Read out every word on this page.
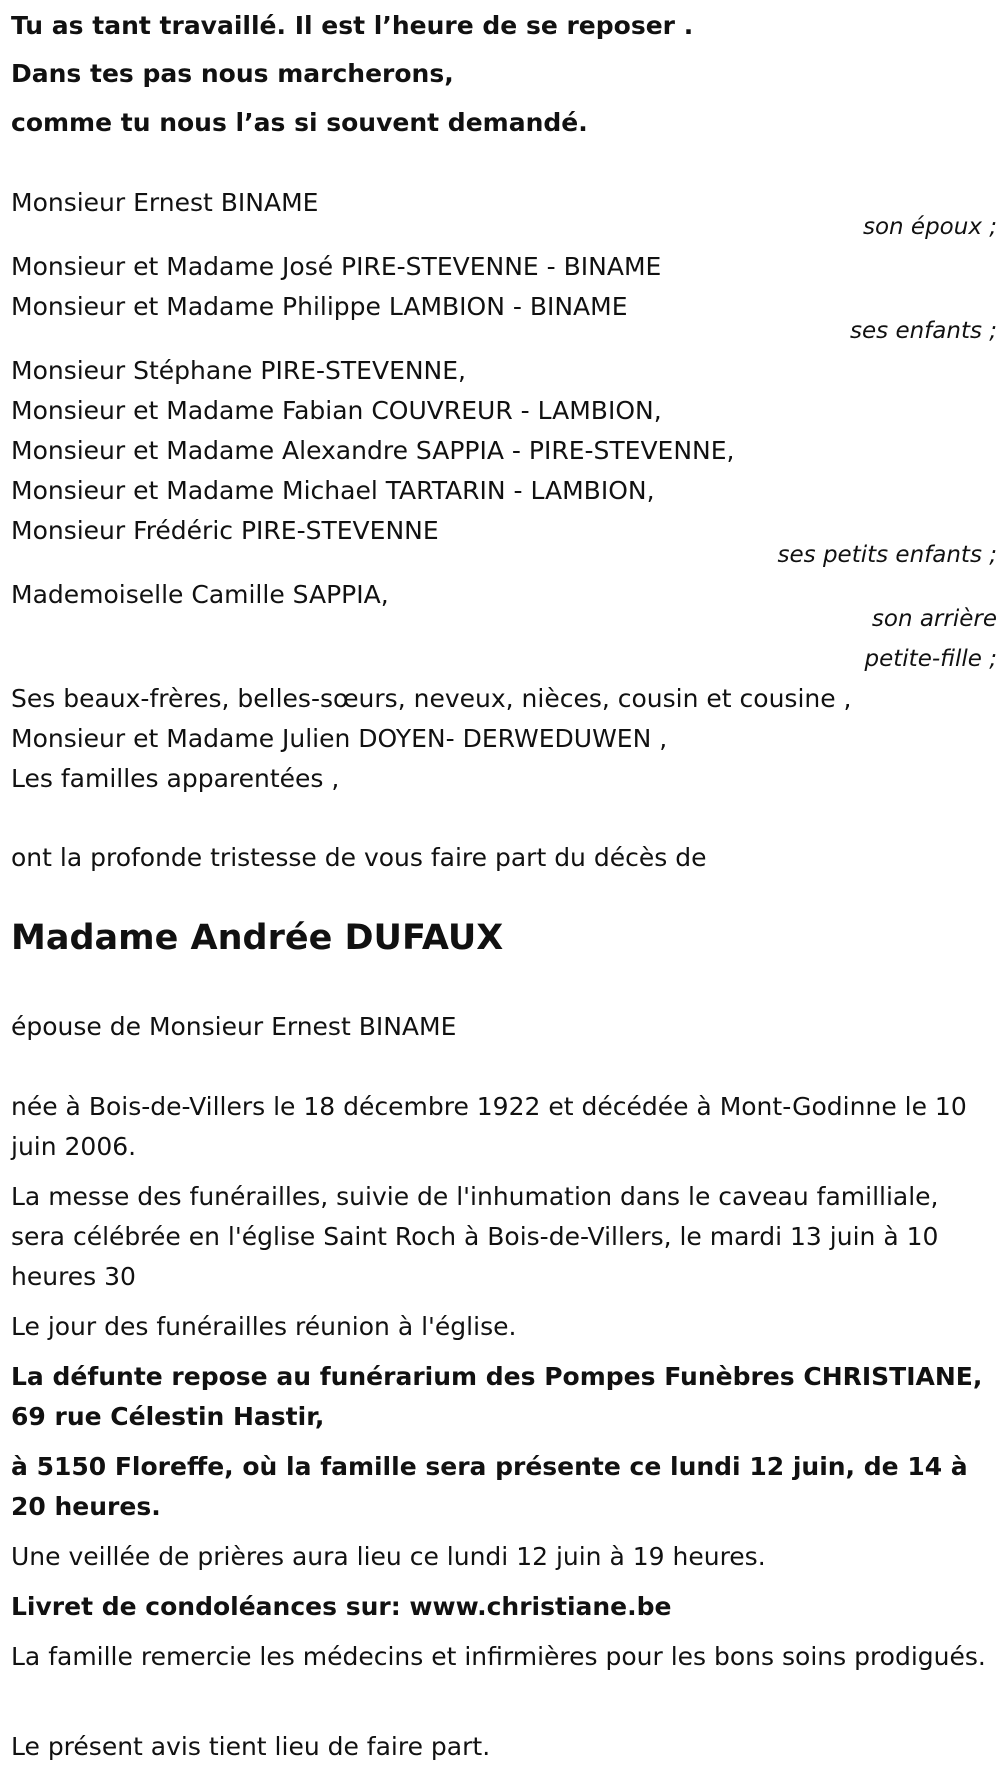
Tu as tant travaillé. Il est l’heure de se reposer .
Dans tes pas nous marcherons,
comme tu nous l’as si souvent demandé.
Monsieur Ernest BINAME
son époux ;
Monsieur et Madame José PIRE-STEVENNE - BINAME
Monsieur et Madame Philippe LAMBION - BINAME
ses enfants ;
Monsieur Stéphane PIRE-STEVENNE,
Monsieur et Madame Fabian COUVREUR - LAMBION,
Monsieur et Madame Alexandre SAPPIA - PIRE-STEVENNE,
Monsieur et Madame Michael TARTARIN - LAMBION,
Monsieur Frédéric PIRE-STEVENNE
ses petits enfants ;
Mademoiselle Camille SAPPIA,
son arrière
petite-fille ;
Ses beaux-frères, belles-sœurs, neveux, nièces, cousin et cousine ,
Monsieur et Madame Julien DOYEN- DERWEDUWEN ,
Les familles apparentées ,
ont la profonde tristesse de vous faire part du décès de
Madame Andrée DUFAUX
épouse de Monsieur Ernest BINAME
née à Bois-de-Villers le 18 décembre 1922 et décédée à Mont-Godinne le 10 juin 2006.
La messe des funérailles, suivie de l'inhumation dans le caveau familliale, sera célébrée en l'église Saint Roch à Bois-de-Villers, le mardi 13 juin à 10 heures 30
Le jour des funérailles réunion à l'église.
La défunte repose au funérarium des Pompes Funèbres CHRISTIANE, 69 rue Célestin Hastir,
à 5150 Floreffe, où la famille sera présente ce lundi 12 juin, de 14 à 20 heures.
Une veillée de prières aura lieu ce lundi 12 juin à 19 heures.
Livret de condoléances sur: www.christiane.be
La famille remercie les médecins et infirmières pour les bons soins prodigués.
Le présent avis tient lieu de faire part.
